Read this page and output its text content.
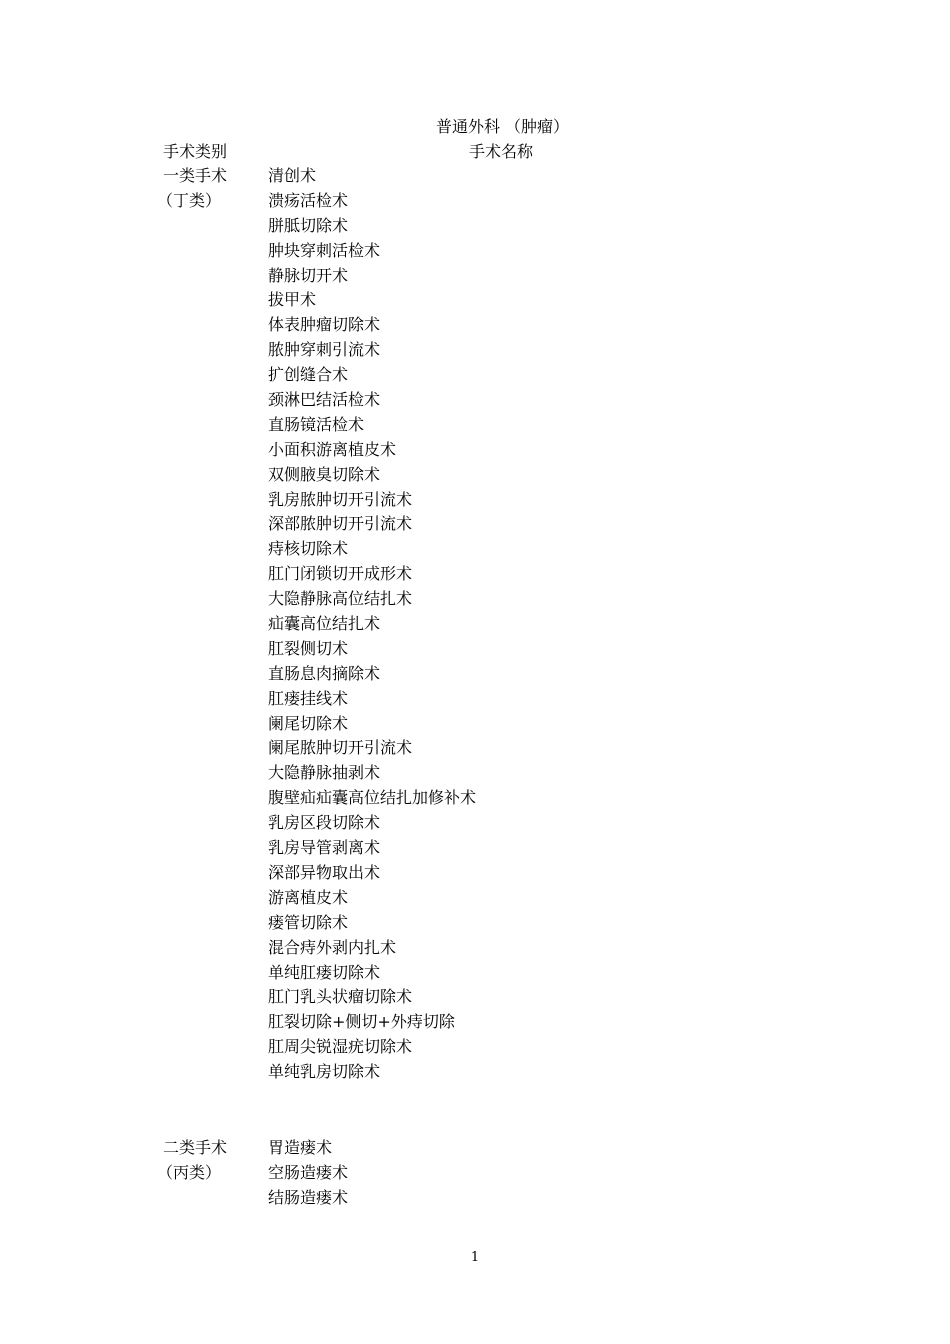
普通外科 （肿瘤）
手术类别	手术名称
一类手术
（丁类）
清创术
溃疡活检术
胼胝切除术
肿块穿刺活检术
静脉切开术
拔甲术
体表肿瘤切除术
脓肿穿刺引流术
扩创缝合术
颈淋巴结活检术
直肠镜活检术
小面积游离植皮术
双侧腋臭切除术
乳房脓肿切开引流术
深部脓肿切开引流术
痔核切除术
肛门闭锁切开成形术
大隐静脉高位结扎术
疝囊高位结扎术
肛裂侧切术
直肠息肉摘除术
肛瘘挂线术
阑尾切除术
阑尾脓肿切开引流术
大隐静脉抽剥术
腹壁疝疝囊高位结扎加修补术
乳房区段切除术
乳房导管剥离术
深部异物取出术
游离植皮术
瘘管切除术
混合痔外剥内扎术
单纯肛瘘切除术
肛门乳头状瘤切除术
肛裂切除+侧切+外痔切除
肛周尖锐湿疣切除术
单纯乳房切除术
二类手术
（丙类）
胃造瘘术
空肠造瘘术
结肠造瘘术
1
